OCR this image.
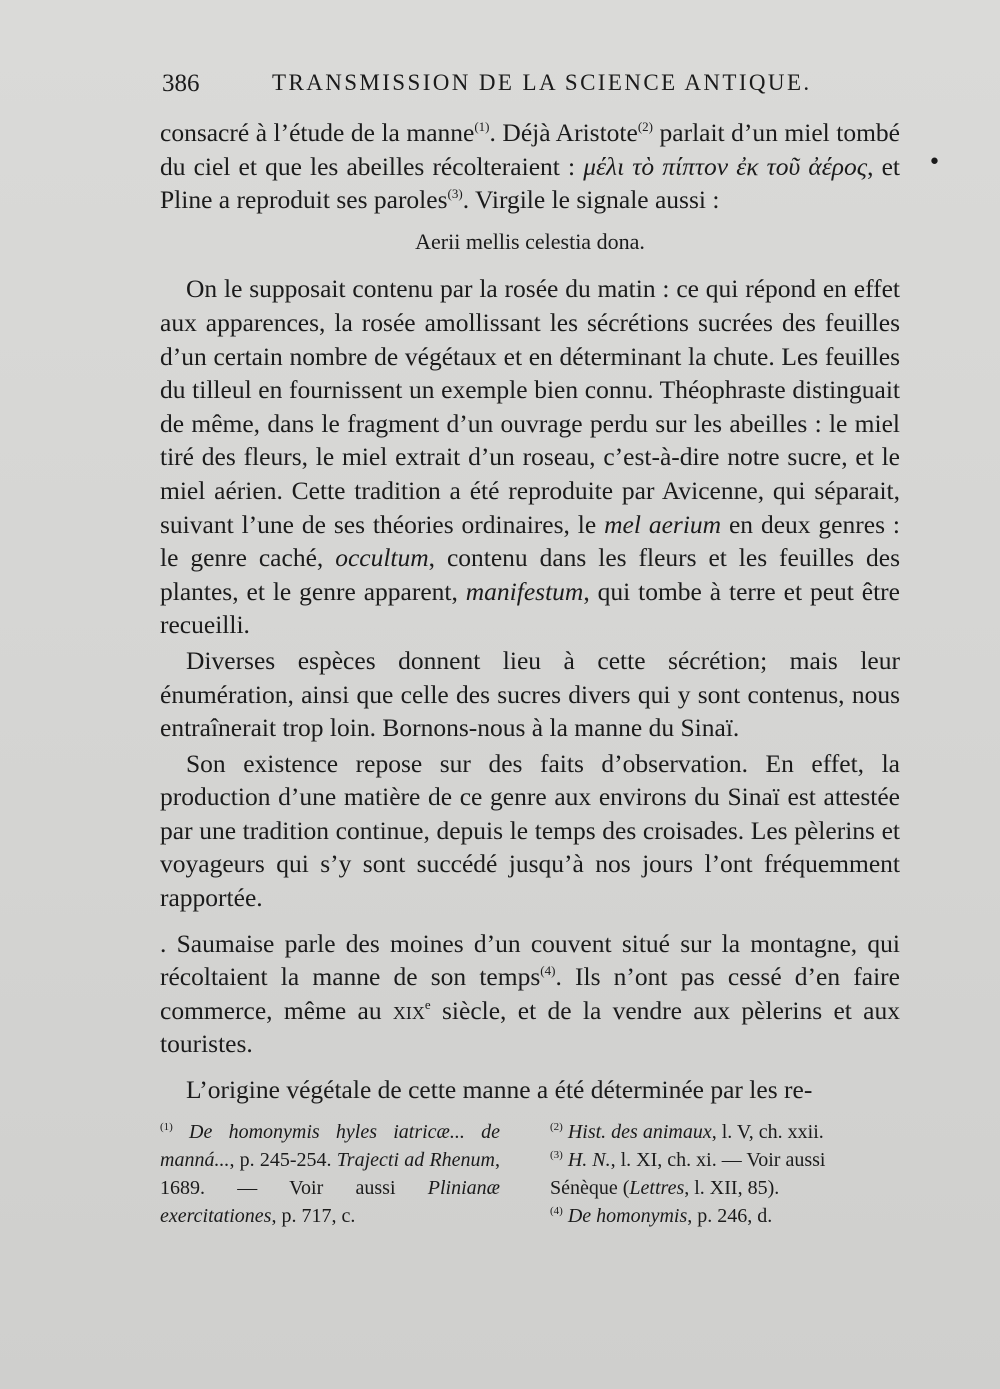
386	TRANSMISSION DE LA SCIENCE ANTIQUE.
•

consacré à l’étude de la manne$^{(1)}$. Déjà Aristote$^{(2)}$ parlait d’un miel tombé du ciel et que les abeilles récolteraient : μέλι τὸ πίπτον ἐκ τοῦ ἀέρος, et Pline a reproduit ses paroles$^{(3)}$. Virgile le signale aussi :

Aerii mellis celestia dona.

On le supposait contenu par la rosée du matin : ce qui répond en effet aux apparences, la rosée amollissant les sécrétions sucrées des feuilles d’un certain nombre de végétaux et en déterminant la chute. Les feuilles du tilleul en fournissent un exemple bien connu. Théophraste distinguait de même, dans le fragment d’un ouvrage perdu sur les abeilles : le miel tiré des fleurs, le miel extrait d’un roseau, c’est-à-dire notre sucre, et le miel aérien. Cette tradition a été reproduite par Avicenne, qui séparait, suivant l’une de ses théories ordinaires, le mel aerium en deux genres : le genre caché, occultum, contenu dans les fleurs et les feuilles des plantes, et le genre apparent, manifestum, qui tombe à terre et peut être recueilli.

Diverses espèces donnent lieu à cette sécrétion; mais leur énumération, ainsi que celle des sucres divers qui y sont contenus, nous entraînerait trop loin. Bornons-nous à la manne du Sinaï.

Son existence repose sur des faits d’observation. En effet, la production d’une matière de ce genre aux environs du Sinaï est attestée par une tradition continue, depuis le temps des croisades. Les pèlerins et voyageurs qui s’y sont succédé jusqu’à nos jours l’ont fréquemment rapportée.

. Saumaise parle des moines d’un couvent situé sur la montagne, qui récoltaient la manne de son temps$^{(4)}$. Ils n’ont pas cessé d’en faire commerce, même au xix$^e$ siècle, et de la vendre aux pèlerins et aux touristes.

L’origine végétale de cette manne a été déterminée par les re-

$^{(1)}$ De homonymis hyles iatricæ... de manná..., p. 245-254. Trajecti ad Rhenum, 1689. — Voir aussi Plinianæ exercitationes, p. 717, c.

$^{(2)}$ Hist. des animaux, l. V, ch. xxii.

$^{(3)}$ H. N., l. XI, ch. xi. — Voir aussi Sénèque (Lettres, l. XII, 85).

$^{(4)}$ De homonymis, p. 246, d.
